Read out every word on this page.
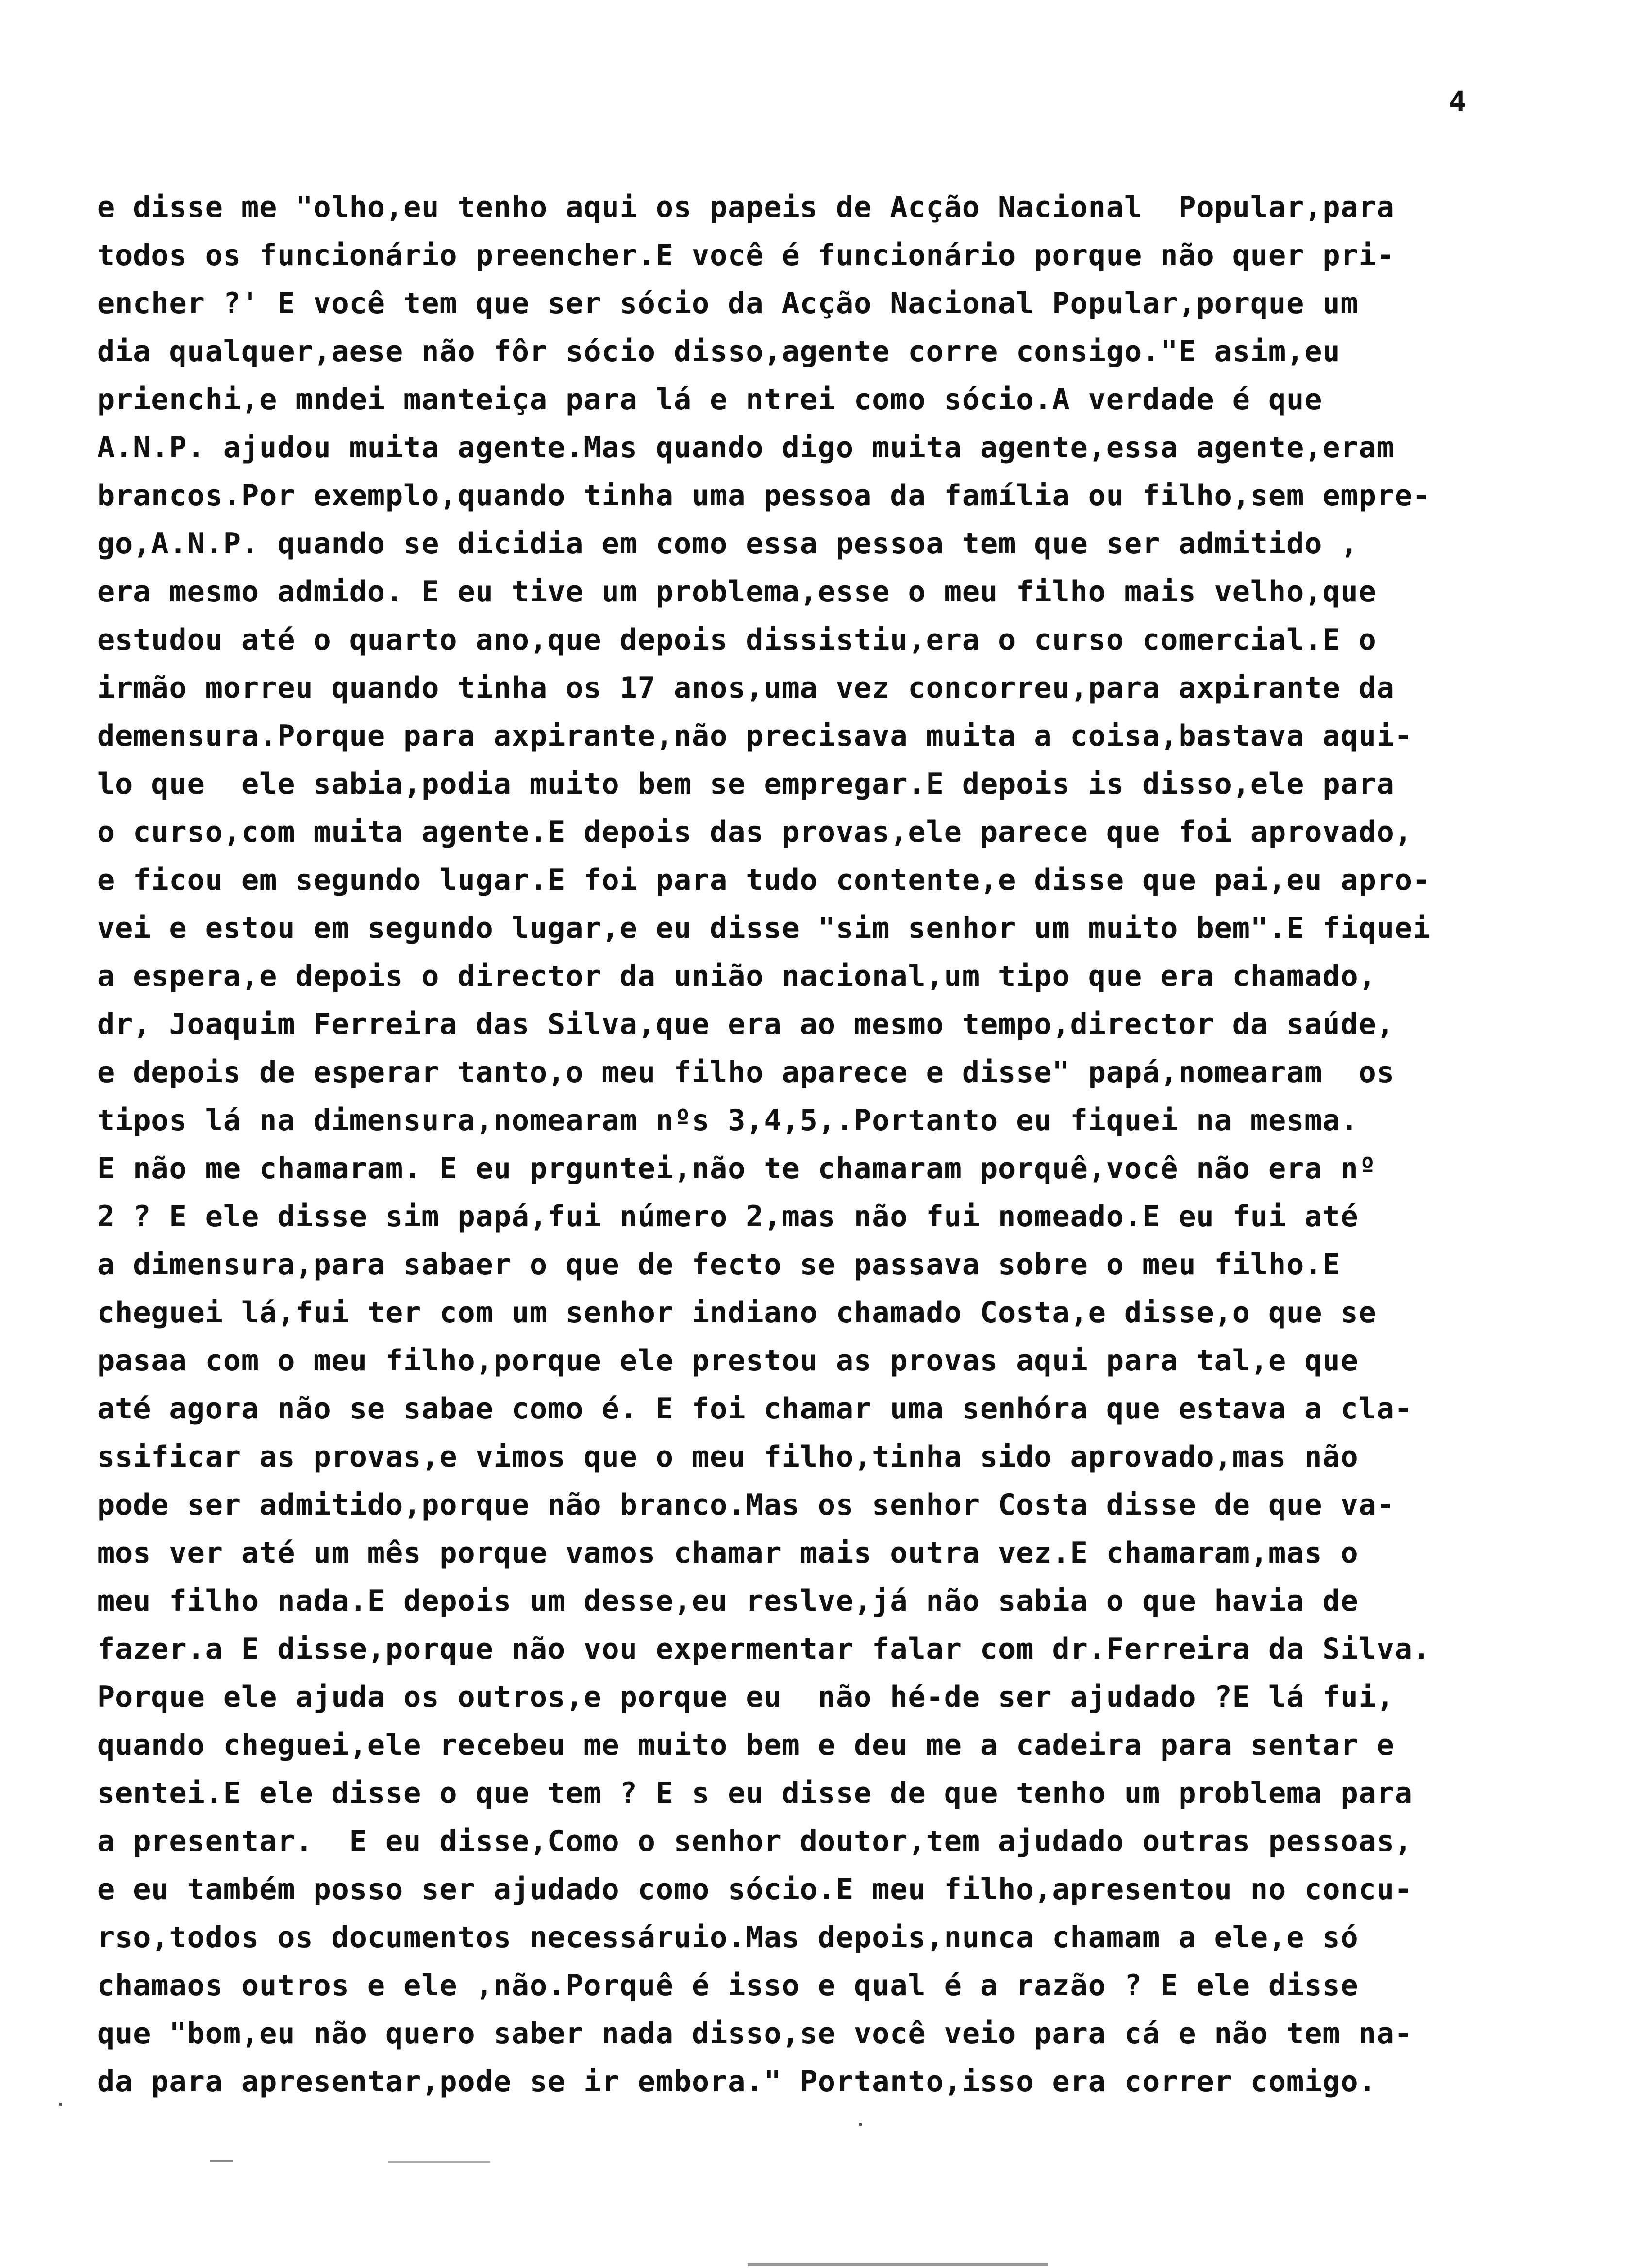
4
e disse me "olho,eu tenho aqui os papeis de Acção Nacional  Popular,para
todos os funcionário preencher.E você é funcionário porque não quer pri-
encher ?' E você tem que ser sócio da Acção Nacional Popular,porque um
dia qualquer,aese não fôr sócio disso,agente corre consigo."E asim,eu
prienchi,e mndei manteiça para lá e ntrei como sócio.A verdade é que
A.N.P. ajudou muita agente.Mas quando digo muita agente,essa agente,eram
brancos.Por exemplo,quando tinha uma pessoa da família ou filho,sem empre-
go,A.N.P. quando se dicidia em como essa pessoa tem que ser admitido ,
era mesmo admido. E eu tive um problema,esse o meu filho mais velho,que
estudou até o quarto ano,que depois dissistiu,era o curso comercial.E o
irmão morreu quando tinha os 17 anos,uma vez concorreu,para axpirante da
demensura.Porque para axpirante,não precisava muita a coisa,bastava aqui-
lo que  ele sabia,podia muito bem se empregar.E depois is disso,ele para
o curso,com muita agente.E depois das provas,ele parece que foi aprovado,
e ficou em segundo lugar.E foi para tudo contente,e disse que pai,eu apro-
vei e estou em segundo lugar,e eu disse "sim senhor um muito bem".E fiquei
a espera,e depois o director da união nacional,um tipo que era chamado,
dr, Joaquim Ferreira das Silva,que era ao mesmo tempo,director da saúde,
e depois de esperar tanto,o meu filho aparece e disse" papá,nomearam  os
tipos lá na dimensura,nomearam nºs 3,4,5,.Portanto eu fiquei na mesma.
E não me chamaram. E eu prguntei,não te chamaram porquê,você não era nº
2 ? E ele disse sim papá,fui número 2,mas não fui nomeado.E eu fui até
a dimensura,para sabaer o que de fecto se passava sobre o meu filho.E
cheguei lá,fui ter com um senhor indiano chamado Costa,e disse,o que se
pasaa com o meu filho,porque ele prestou as provas aqui para tal,e que
até agora não se sabae como é. E foi chamar uma senhóra que estava a cla-
ssificar as provas,e vimos que o meu filho,tinha sido aprovado,mas não
pode ser admitido,porque não branco.Mas os senhor Costa disse de que va-
mos ver até um mês porque vamos chamar mais outra vez.E chamaram,mas o
meu filho nada.E depois um desse,eu reslve,já não sabia o que havia de
fazer.a E disse,porque não vou expermentar falar com dr.Ferreira da Silva.
Porque ele ajuda os outros,e porque eu  não hé-de ser ajudado ?E lá fui,
quando cheguei,ele recebeu me muito bem e deu me a cadeira para sentar e
sentei.E ele disse o que tem ? E s eu disse de que tenho um problema para
a presentar.  E eu disse,Como o senhor doutor,tem ajudado outras pessoas,
e eu também posso ser ajudado como sócio.E meu filho,apresentou no concu-
rso,todos os documentos necessáruio.Mas depois,nunca chamam a ele,e só
chamaos outros e ele ,não.Porquê é isso e qual é a razão ? E ele disse
que "bom,eu não quero saber nada disso,se você veio para cá e não tem na-
da para apresentar,pode se ir embora." Portanto,isso era correr comigo.
